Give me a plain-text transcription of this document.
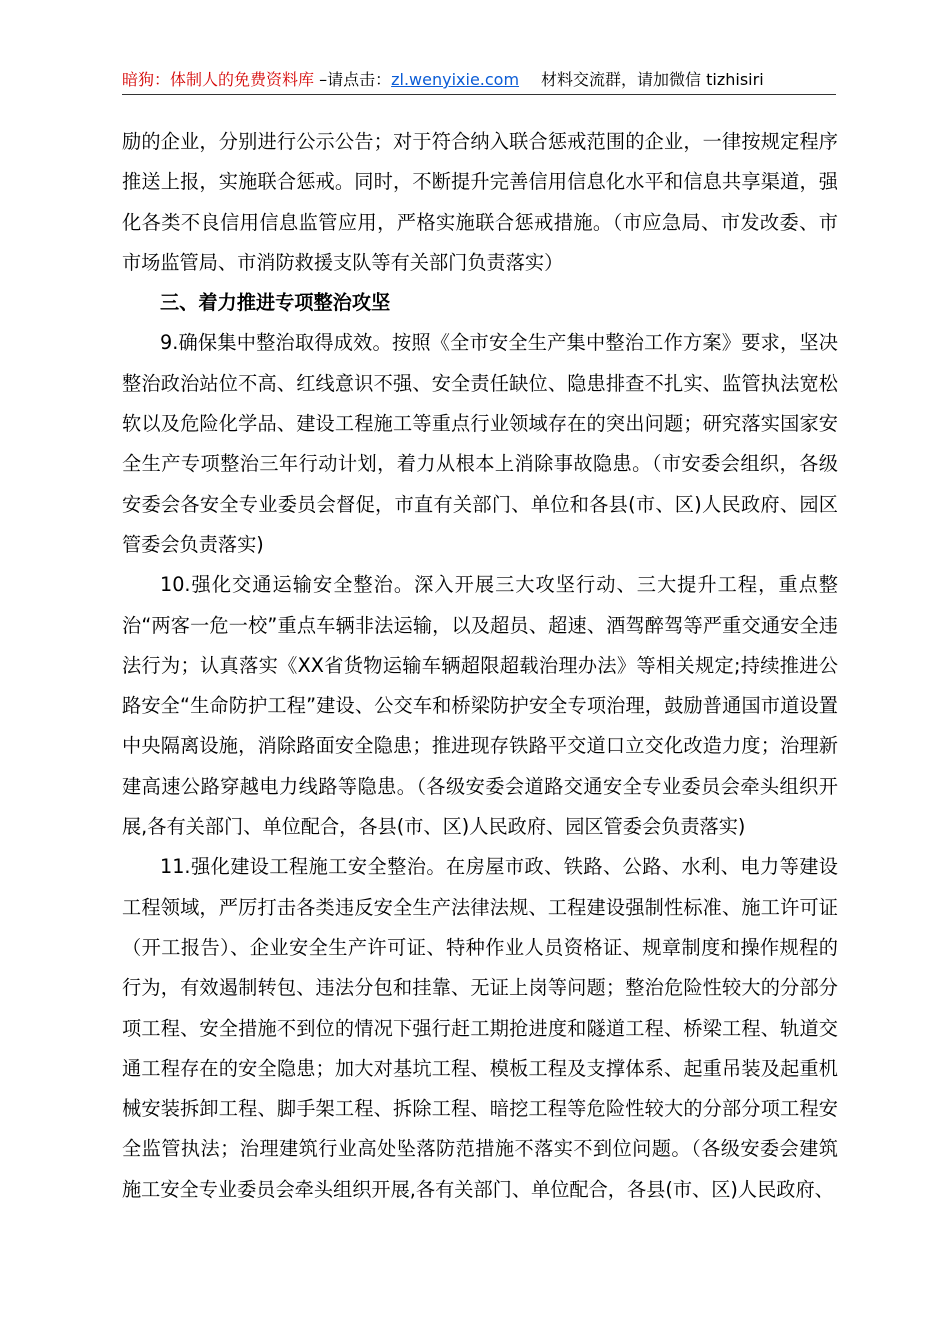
暗狗：体制人的免费资料库 –请点击：zl.wenyixie.com 材料交流群，请加微信 tizhisiri

励的企业，分别进行公示公告；对于符合纳入联合惩戒范围的企业，一律按规定程序推送上报，实施联合惩戒。同时，不断提升完善信用信息化水平和信息共享渠道，强化各类不良信用信息监管应用，严格实施联合惩戒措施。（市应急局、市发改委、市市场监管局、市消防救援支队等有关部门负责落实）

三、着力推进专项整治攻坚

9.确保集中整治取得成效。按照《全市安全生产集中整治工作方案》要求，坚决整治政治站位不高、红线意识不强、安全责任缺位、隐患排查不扎实、监管执法宽松软以及危险化学品、建设工程施工等重点行业领域存在的突出问题；研究落实国家安全生产专项整治三年行动计划，着力从根本上消除事故隐患。（市安委会组织，各级安委会各安全专业委员会督促，市直有关部门、单位和各县(市、区)人民政府、园区管委会负责落实)

10.强化交通运输安全整治。深入开展三大攻坚行动、三大提升工程，重点整治“两客一危一校”重点车辆非法运输，以及超员、超速、酒驾醉驾等严重交通安全违法行为；认真落实《XX省货物运输车辆超限超载治理办法》等相关规定;持续推进公路安全“生命防护工程”建设、公交车和桥梁防护安全专项治理，鼓励普通国市道设置中央隔离设施，消除路面安全隐患；推进现存铁路平交道口立交化改造力度；治理新建高速公路穿越电力线路等隐患。（各级安委会道路交通安全专业委员会牵头组织开展,各有关部门、单位配合，各县(市、区)人民政府、园区管委会负责落实)

11.强化建设工程施工安全整治。在房屋市政、铁路、公路、水利、电力等建设工程领域，严厉打击各类违反安全生产法律法规、工程建设强制性标准、施工许可证（开工报告）、企业安全生产许可证、特种作业人员资格证、规章制度和操作规程的行为，有效遏制转包、违法分包和挂靠、无证上岗等问题；整治危险性较大的分部分项工程、安全措施不到位的情况下强行赶工期抢进度和隧道工程、桥梁工程、轨道交通工程存在的安全隐患；加大对基坑工程、模板工程及支撑体系、起重吊装及起重机械安装拆卸工程、脚手架工程、拆除工程、暗挖工程等危险性较大的分部分项工程安全监管执法；治理建筑行业高处坠落防范措施不落实不到位问题。（各级安委会建筑施工安全专业委员会牵头组织开展,各有关部门、单位配合，各县(市、区)人民政府、
